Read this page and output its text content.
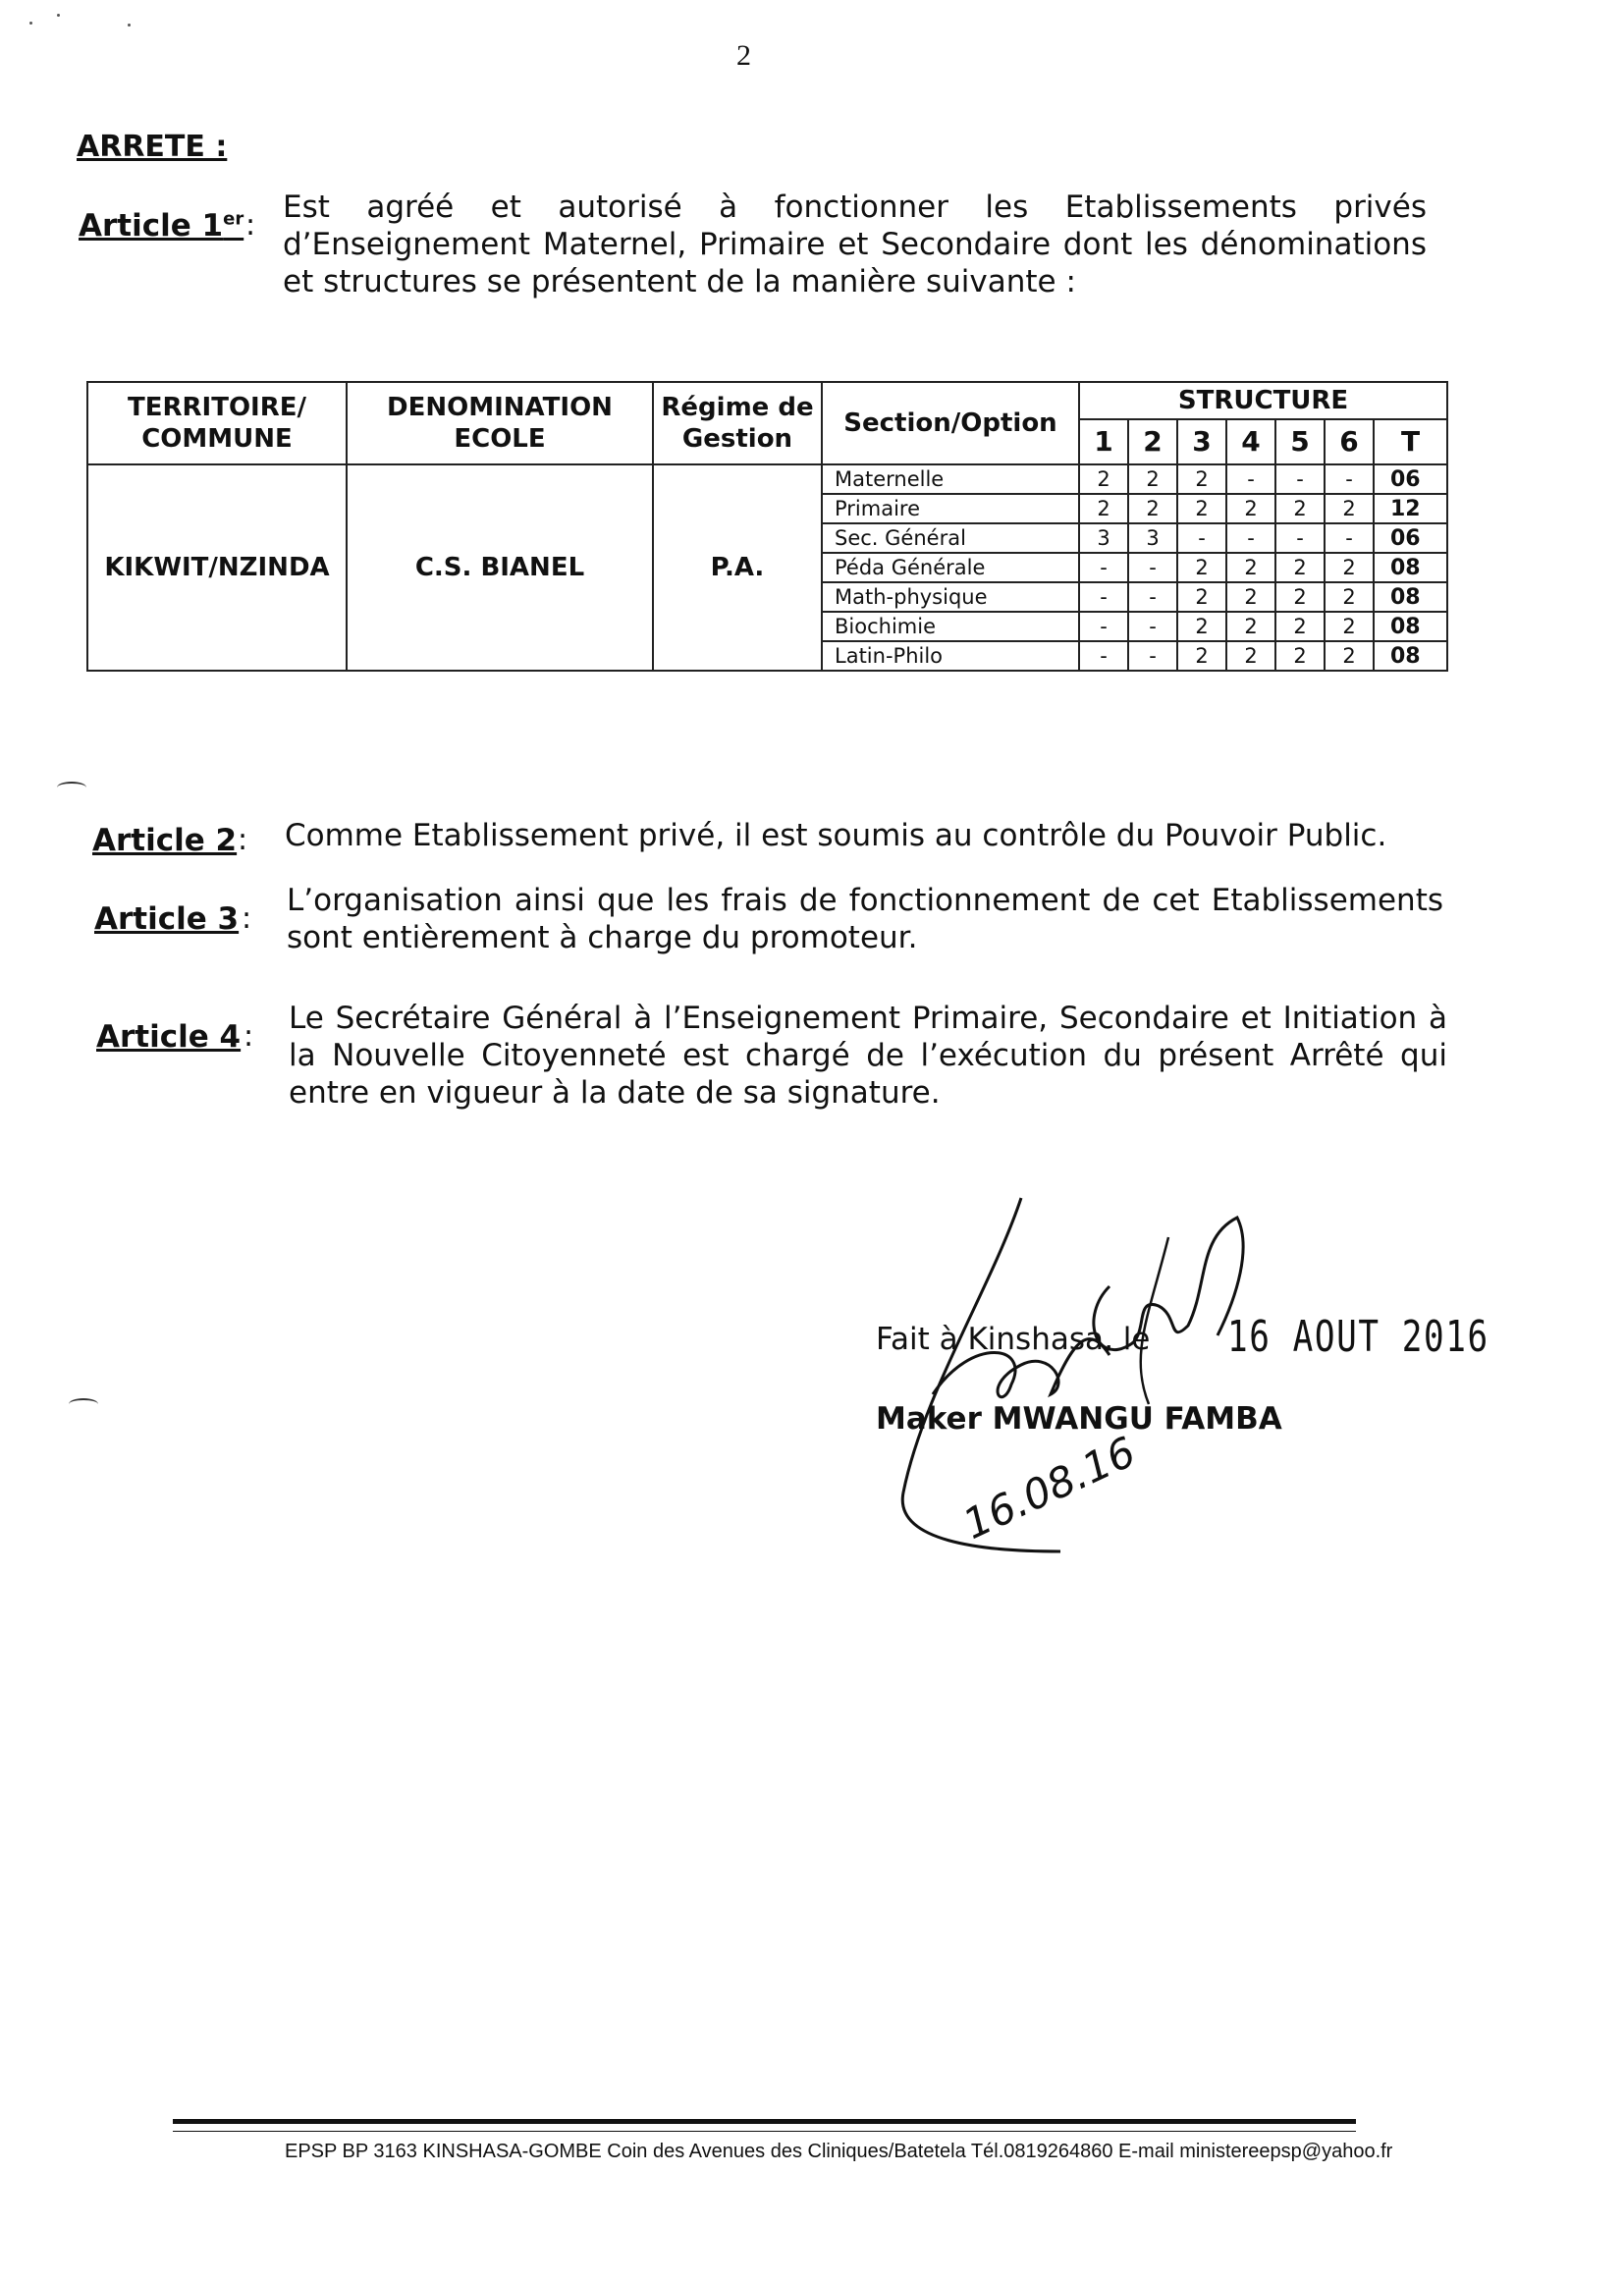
2
ARRETE :
Article 1er :
Est agréé et autorisé à fonctionner les Etablissements privés d’Enseignement Maternel, Primaire et Secondaire dont les dénominations et structures se présentent de la manière suivante :
TERRITOIRE/ COMMUNE	DENOMINATION ECOLE	Régime de Gestion	Section/Option	STRUCTURE						
				1	2	3	4	5	6	T
KIKWIT/NZINDA	C.S. BIANEL	P.A.	Maternelle	2	2	2	-	-	-	06
			Primaire	2	2	2	2	2	2	12
			Sec. Général	3	3	-	-	-	-	06
			Péda Générale	-	-	2	2	2	2	08
			Math-physique	-	-	2	2	2	2	08
			Biochimie	-	-	2	2	2	2	08
			Latin-Philo	-	-	2	2	2	2	08
Article 2 : Comme Etablissement privé, il est soumis au contrôle du Pouvoir Public.
Article 3 :
L’organisation ainsi que les frais de fonctionnement de cet Etablissements sont entièrement à charge du promoteur.
Article 4 :
Le Secrétaire Général à l’Enseignement Primaire, Secondaire et Initiation à la Nouvelle Citoyenneté est chargé de l’exécution du présent Arrêté qui entre en vigueur à la date de sa signature.
Fait à Kinshasa, le 16 AOUT 2016
Maker MWANGU FAMBA
16.08.16
EPSP BP 3163 KINSHASA-GOMBE Coin des Avenues des Cliniques/Batetela Tél.0819264860 E-mail ministereepsp@yahoo.fr
